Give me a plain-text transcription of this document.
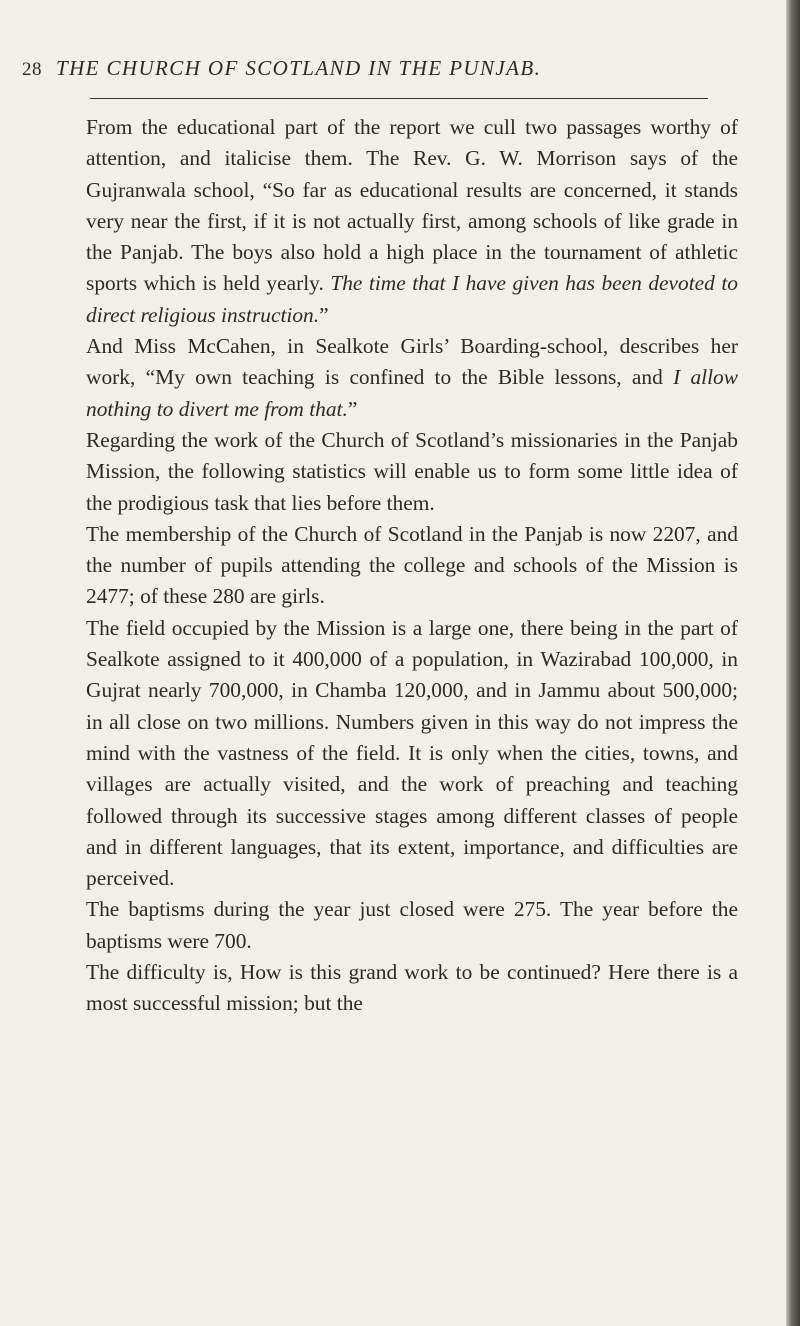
28 THE CHURCH OF SCOTLAND IN THE PUNJAB.

From the educational part of the report we cull two passages worthy of attention, and italicise them. The Rev. G. W. Morrison says of the Gujranwala school, “So far as educational results are concerned, it stands very near the first, if it is not actually first, among schools of like grade in the Panjab. The boys also hold a high place in the tournament of athletic sports which is held yearly. The time that I have given has been devoted to direct religious instruction.”

And Miss McCahen, in Sealkote Girls’ Boarding-school, describes her work, “My own teaching is confined to the Bible lessons, and I allow nothing to divert me from that.”

Regarding the work of the Church of Scotland’s missionaries in the Panjab Mission, the following statistics will enable us to form some little idea of the prodigious task that lies before them.

The membership of the Church of Scotland in the Panjab is now 2207, and the number of pupils attending the college and schools of the Mission is 2477; of these 280 are girls.

The field occupied by the Mission is a large one, there being in the part of Sealkote assigned to it 400,000 of a population, in Wazirabad 100,000, in Gujrat nearly 700,000, in Chamba 120,000, and in Jammu about 500,000; in all close on two millions. Numbers given in this way do not impress the mind with the vastness of the field. It is only when the cities, towns, and villages are actually visited, and the work of preaching and teaching followed through its successive stages among different classes of people and in different languages, that its extent, importance, and difficulties are perceived.

The baptisms during the year just closed were 275. The year before the baptisms were 700.

The difficulty is, How is this grand work to be continued? Here there is a most successful mission; but the
